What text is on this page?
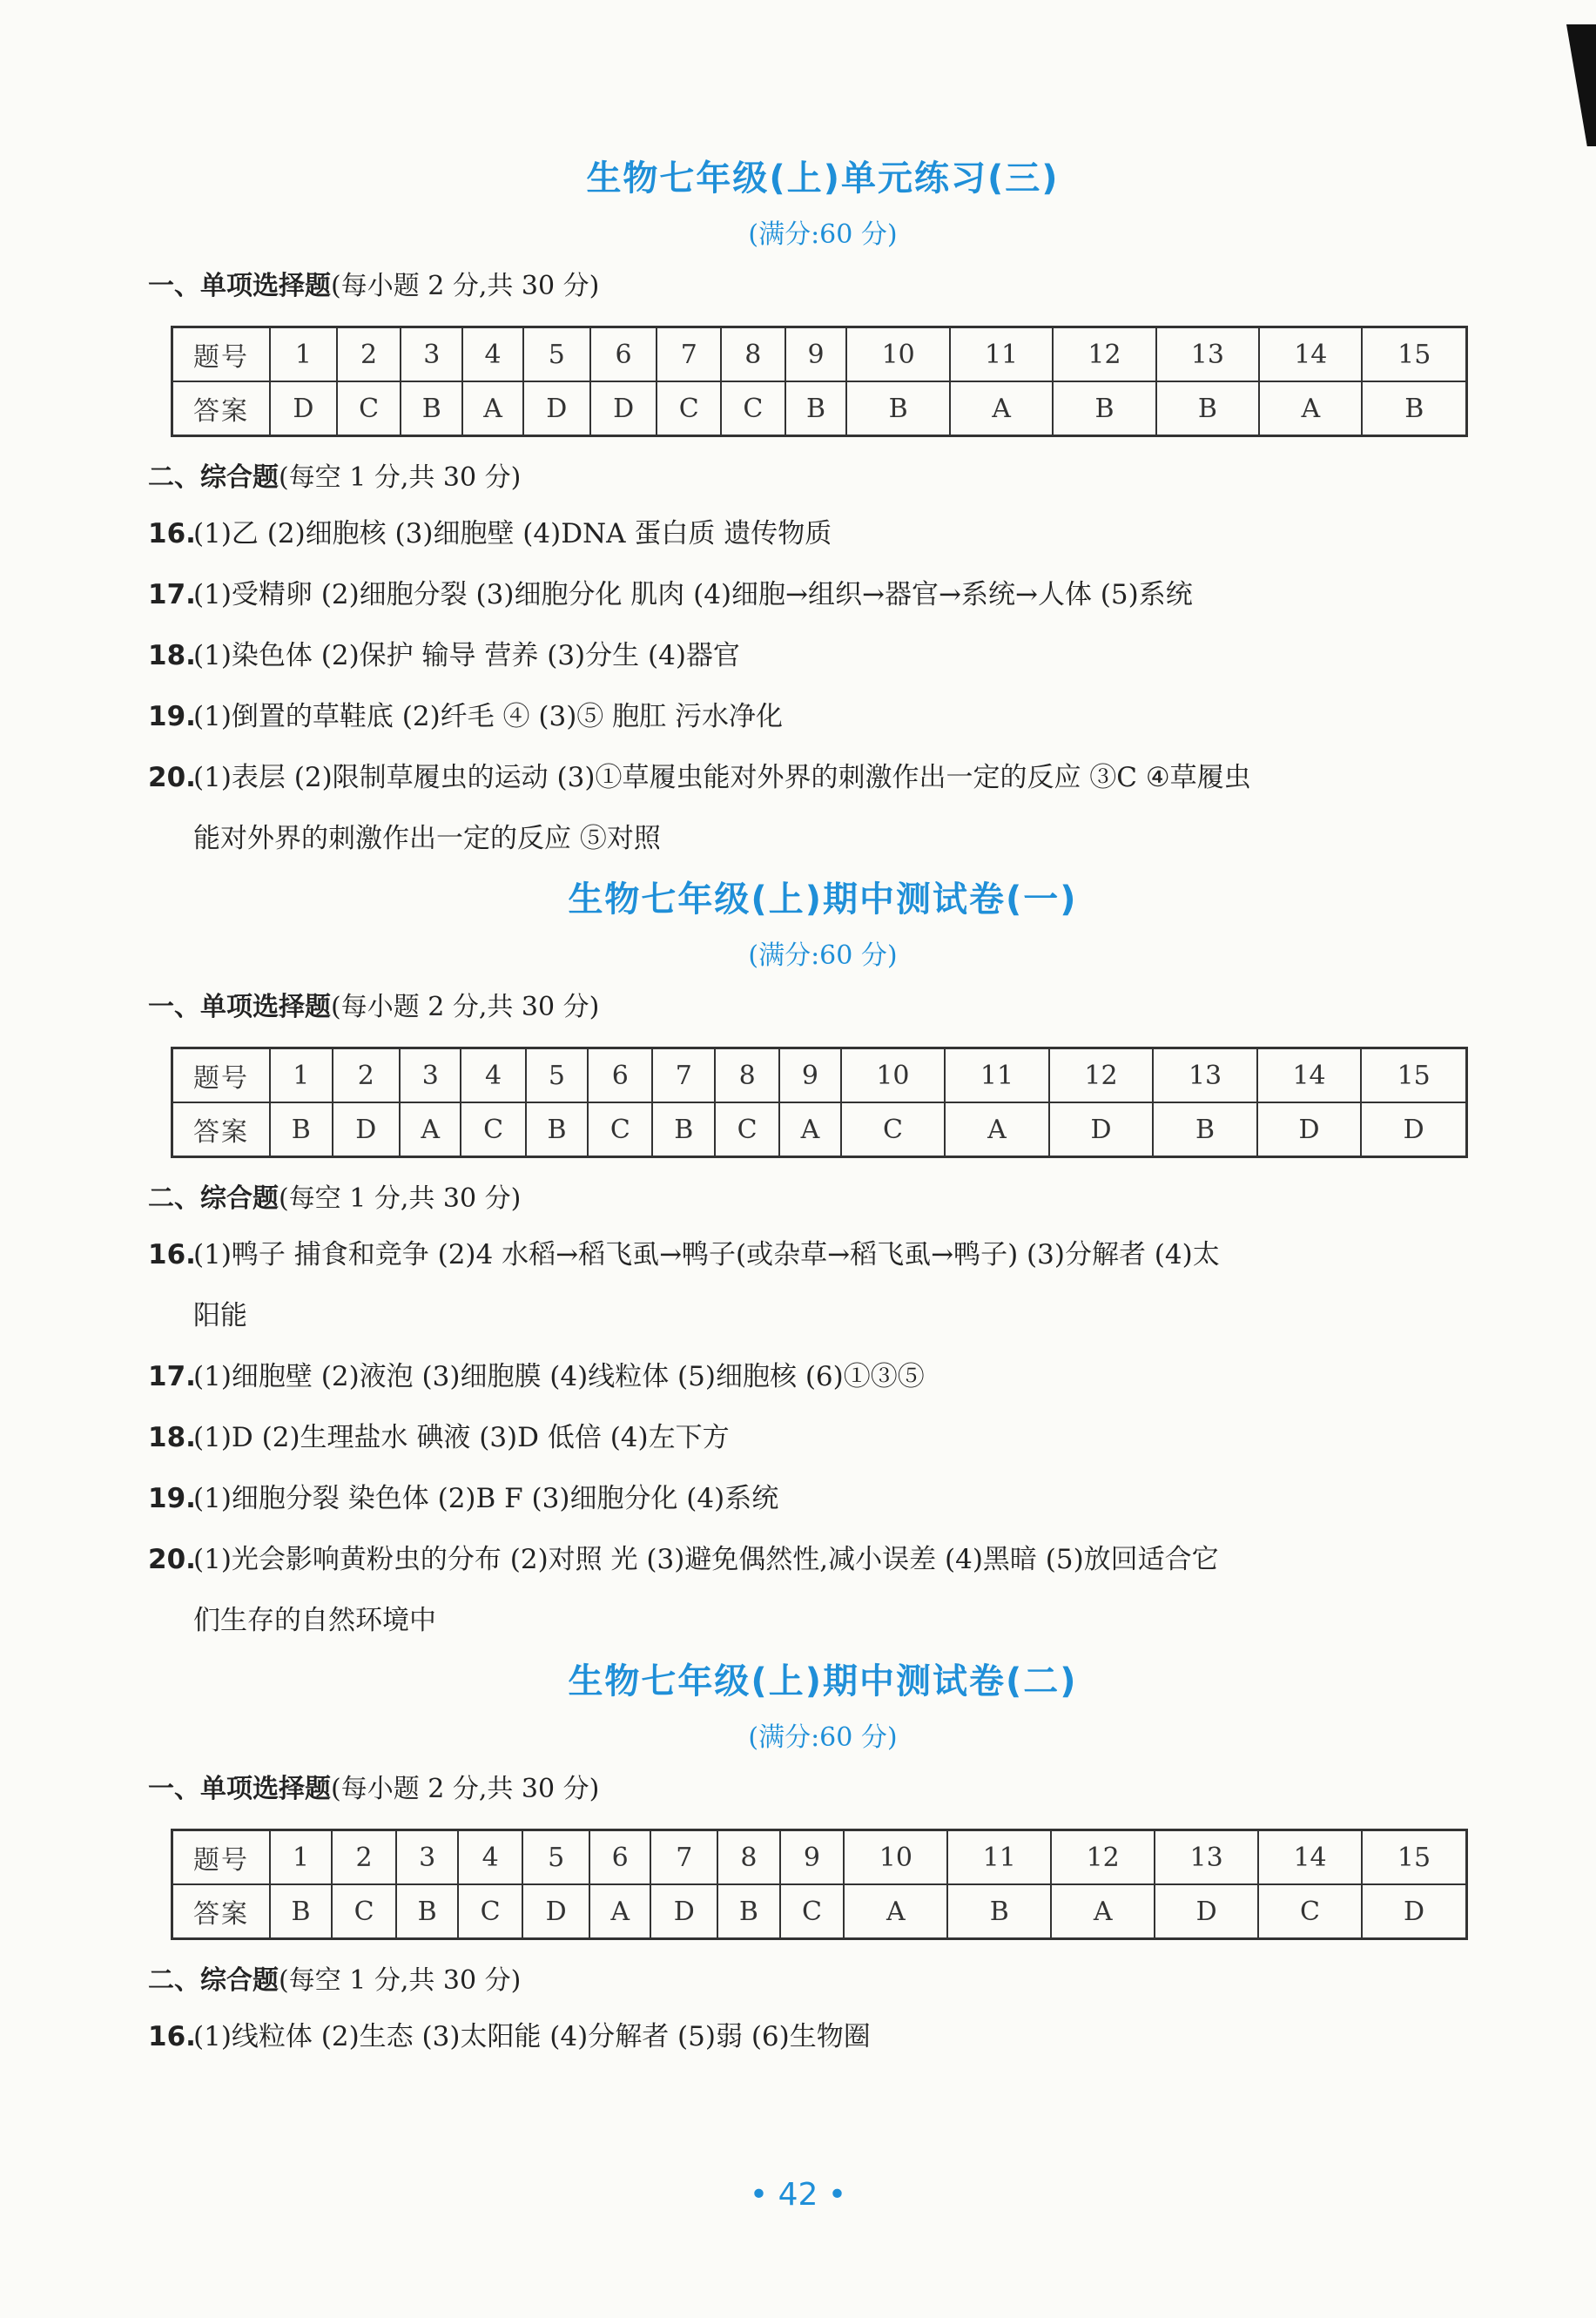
生物七年级(上)单元练习(三)
(满分:60 分)
一、单项选择题(每小题 2 分,共 30 分)
题号	1	2	3	4	5	6	7	8	9	10	11	12	13	14	15
答案	D	C	B	A	D	D	C	C	B	B	A	B	B	A	B
二、综合题(每空 1 分,共 30 分)
16.(1)乙 (2)细胞核 (3)细胞壁 (4)DNA 蛋白质 遗传物质
17.(1)受精卵 (2)细胞分裂 (3)细胞分化 肌肉 (4)细胞→组织→器官→系统→人体 (5)系统
18.(1)染色体 (2)保护 输导 营养 (3)分生 (4)器官
19.(1)倒置的草鞋底 (2)纤毛 ④ (3)⑤ 胞肛 污水净化
20.(1)表层 (2)限制草履虫的运动 (3)①草履虫能对外界的刺激作出一定的反应 ③C ④草履虫
能对外界的刺激作出一定的反应 ⑤对照
生物七年级(上)期中测试卷(一)
(满分:60 分)
一、单项选择题(每小题 2 分,共 30 分)
题号	1	2	3	4	5	6	7	8	9	10	11	12	13	14	15
答案	B	D	A	C	B	C	B	C	A	C	A	D	B	D	D
二、综合题(每空 1 分,共 30 分)
16.(1)鸭子 捕食和竞争 (2)4 水稻→稻飞虱→鸭子(或杂草→稻飞虱→鸭子) (3)分解者 (4)太
阳能
17.(1)细胞壁 (2)液泡 (3)细胞膜 (4)线粒体 (5)细胞核 (6)①③⑤
18.(1)D (2)生理盐水 碘液 (3)D 低倍 (4)左下方
19.(1)细胞分裂 染色体 (2)B F (3)细胞分化 (4)系统
20.(1)光会影响黄粉虫的分布 (2)对照 光 (3)避免偶然性,减小误差 (4)黑暗 (5)放回适合它
们生存的自然环境中
生物七年级(上)期中测试卷(二)
(满分:60 分)
一、单项选择题(每小题 2 分,共 30 分)
题号	1	2	3	4	5	6	7	8	9	10	11	12	13	14	15
答案	B	C	B	C	D	A	D	B	C	A	B	A	D	C	D
二、综合题(每空 1 分,共 30 分)
16.(1)线粒体 (2)生态 (3)太阳能 (4)分解者 (5)弱 (6)生物圈
• 42 •
